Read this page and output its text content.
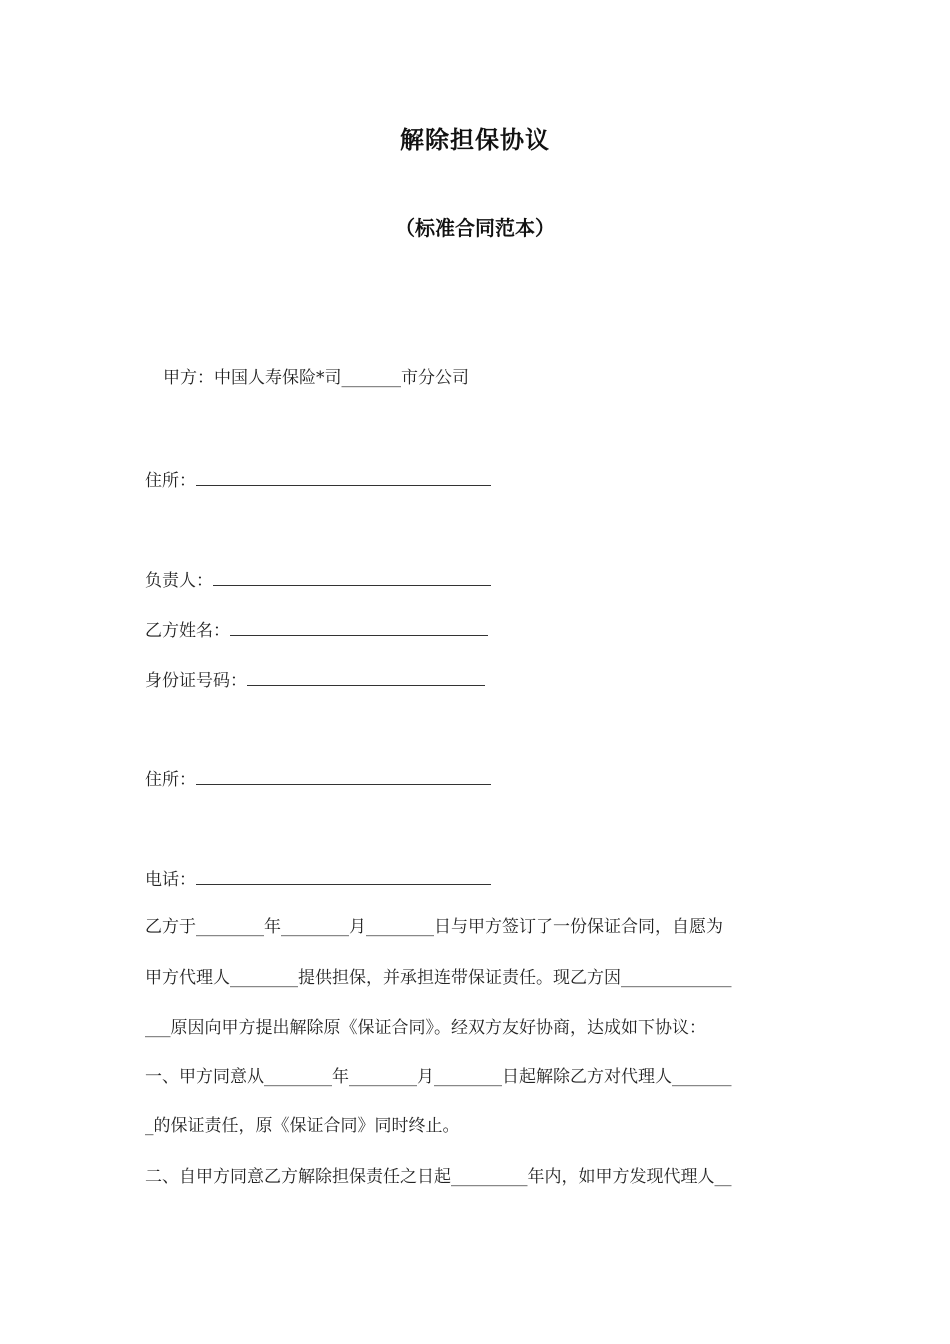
解除担保协议
（标准合同范本）
甲方：中国人寿保险*司_______市分公司
住所：
负责人：
乙方姓名：
身份证号码：
住所：
电话：
乙方于________年________月________日与甲方签订了一份保证合同，自愿为
甲方代理人________提供担保，并承担连带保证责任。现乙方因_____________
___原因向甲方提出解除原《保证合同》。经双方友好协商，达成如下协议：
一、甲方同意从________年________月________日起解除乙方对代理人_______
_的保证责任，原《保证合同》同时终止。
二、自甲方同意乙方解除担保责任之日起_________年内，如甲方发现代理人__
